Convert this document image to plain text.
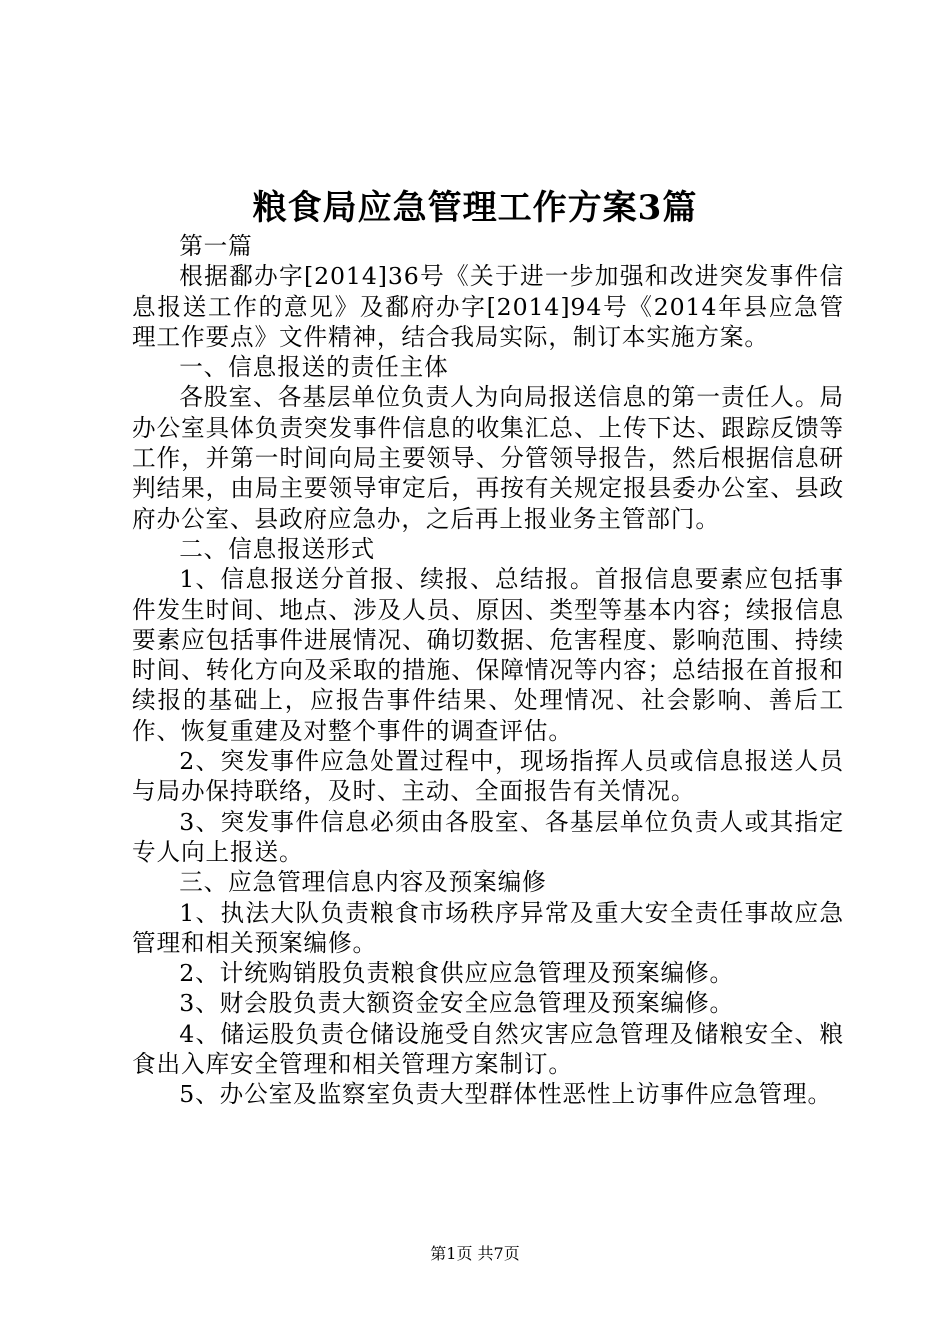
粮食局应急管理工作方案3篇

第一篇

根据鄱办字[2014]36号《关于进一步加强和改进突发事件信息报送工作的意见》及鄱府办字[2014]94号《2014年县应急管理工作要点》文件精神，结合我局实际，制订本实施方案。

一、信息报送的责任主体

各股室、各基层单位负责人为向局报送信息的第一责任人。局办公室具体负责突发事件信息的收集汇总、上传下达、跟踪反馈等工作，并第一时间向局主要领导、分管领导报告，然后根据信息研判结果，由局主要领导审定后，再按有关规定报县委办公室、县政府办公室、县政府应急办，之后再上报业务主管部门。

二、信息报送形式

1、信息报送分首报、续报、总结报。首报信息要素应包括事件发生时间、地点、涉及人员、原因、类型等基本内容；续报信息要素应包括事件进展情况、确切数据、危害程度、影响范围、持续时间、转化方向及采取的措施、保障情况等内容；总结报在首报和续报的基础上，应报告事件结果、处理情况、社会影响、善后工作、恢复重建及对整个事件的调查评估。

2、突发事件应急处置过程中，现场指挥人员或信息报送人员与局办保持联络，及时、主动、全面报告有关情况。

3、突发事件信息必须由各股室、各基层单位负责人或其指定专人向上报送。

三、应急管理信息内容及预案编修

1、执法大队负责粮食市场秩序异常及重大安全责任事故应急管理和相关预案编修。

2、计统购销股负责粮食供应应急管理及预案编修。

3、财会股负责大额资金安全应急管理及预案编修。

4、储运股负责仓储设施受自然灾害应急管理及储粮安全、粮食出入库安全管理和相关管理方案制订。

5、办公室及监察室负责大型群体性恶性上访事件应急管理。

第1页 共7页
